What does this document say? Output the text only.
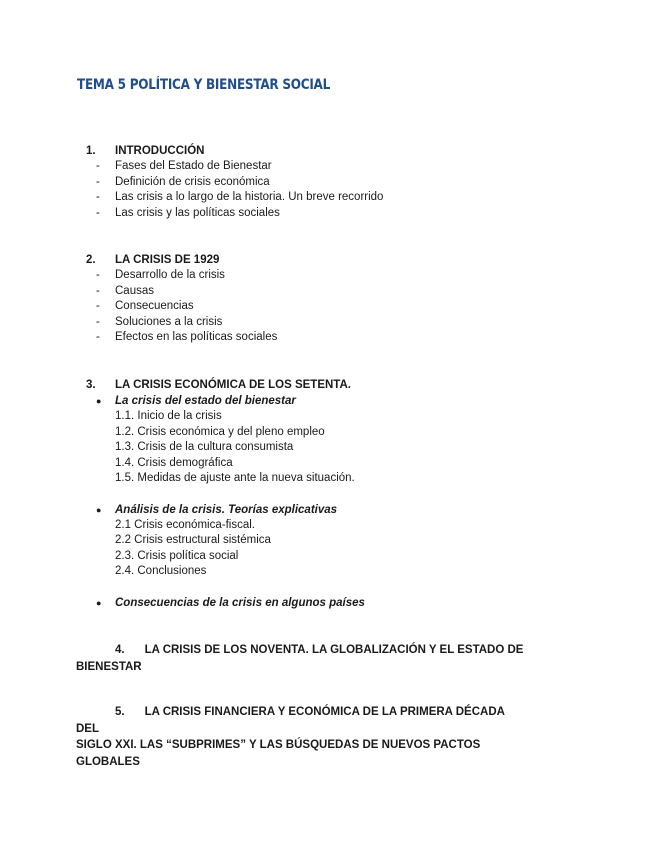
TEMA 5 POLÍTICA Y BIENESTAR SOCIAL
1. INTRODUCCIÓN
- Fases del Estado de Bienestar
- Definición de crisis económica
- Las crisis a lo largo de la historia. Un breve recorrido
- Las crisis y las políticas sociales
2. LA CRISIS DE 1929
- Desarrollo de la crisis
- Causas
- Consecuencias
- Soluciones a la crisis
- Efectos en las políticas sociales
3. LA CRISIS ECONÓMICA DE LOS SETENTA.
● La crisis del estado del bienestar
1.1. Inicio de la crisis
1.2. Crisis económica y del pleno empleo
1.3. Crisis de la cultura consumista
1.4. Crisis demográfica
1.5. Medidas de ajuste ante la nueva situación.
● Análisis de la crisis. Teorías explicativas
2.1 Crisis económica-fiscal.
2.2 Crisis estructural sistémica
2.3. Crisis política social
2.4. Conclusiones
● Consecuencias de la crisis en algunos países
4. LA CRISIS DE LOS NOVENTA. LA GLOBALIZACIÓN Y EL ESTADO DE
BIENESTAR
5. LA CRISIS FINANCIERA Y ECONÓMICA DE LA PRIMERA DÉCADA DEL
SIGLO XXI. LAS “SUBPRIMES” Y LAS BÚSQUEDAS DE NUEVOS PACTOS
GLOBALES
